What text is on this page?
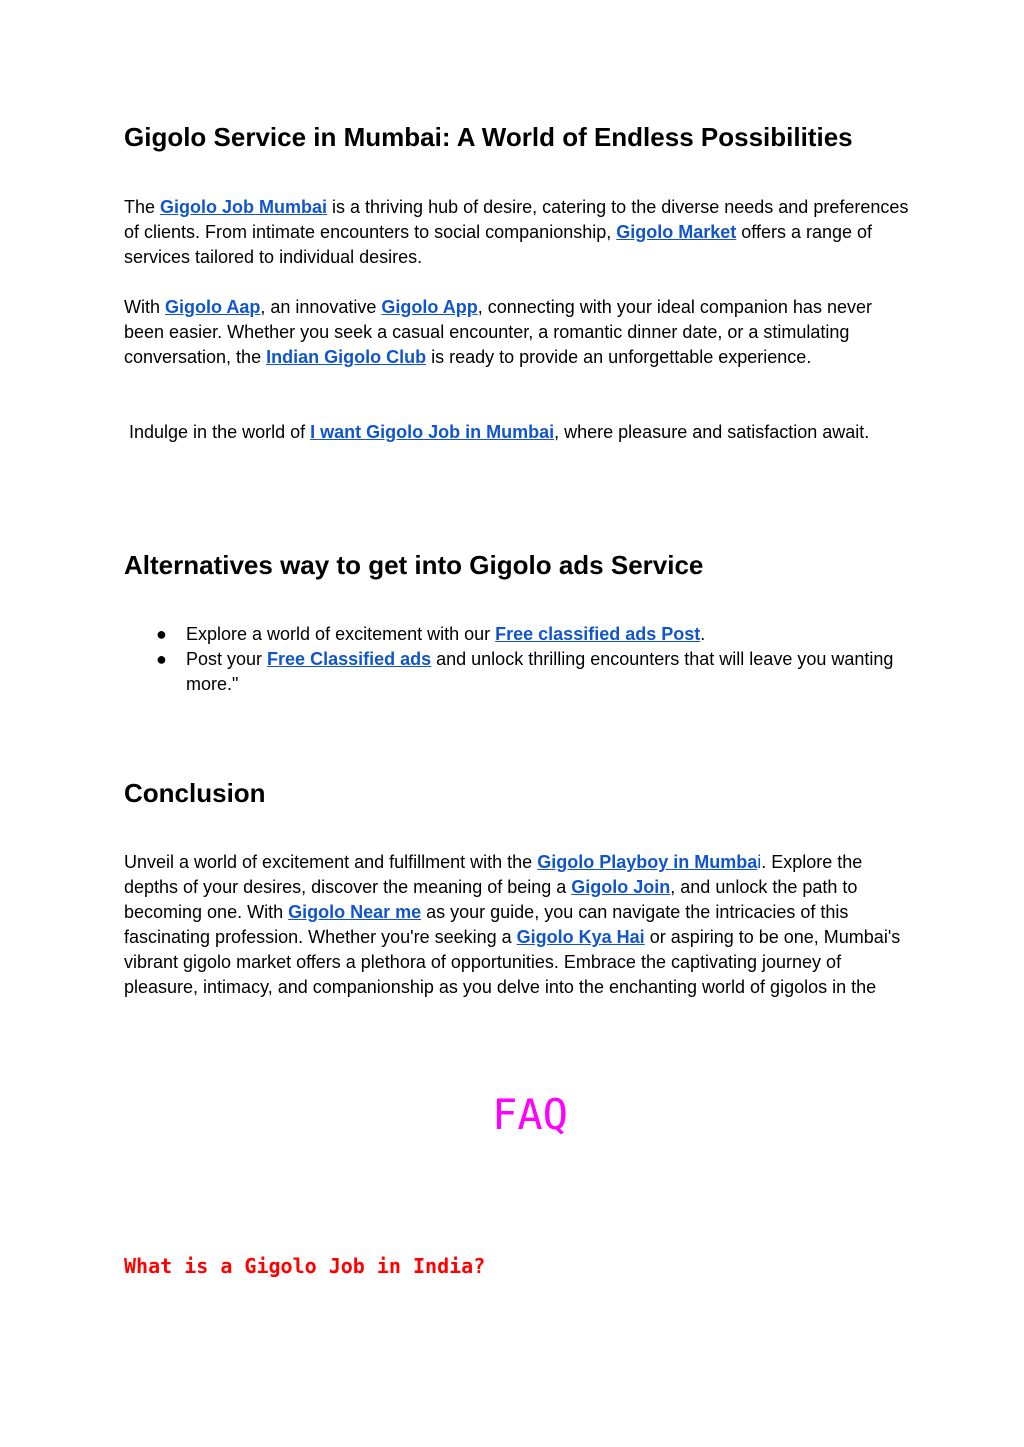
Gigolo Service in Mumbai: A World of Endless Possibilities

The Gigolo Job Mumbai is a thriving hub of desire, catering to the diverse needs and preferences of clients. From intimate encounters to social companionship, Gigolo Market offers a range of services tailored to individual desires.

With Gigolo Aap, an innovative Gigolo App, connecting with your ideal companion has never been easier. Whether you seek a casual encounter, a romantic dinner date, or a stimulating conversation, the Indian Gigolo Club is ready to provide an unforgettable experience.

Indulge in the world of I want Gigolo Job in Mumbai, where pleasure and satisfaction await.

Alternatives way to get into Gigolo ads Service
● Explore a world of excitement with our Free classified ads Post.
● Post your Free Classified ads and unlock thrilling encounters that will leave you wanting more."
Conclusion

Unveil a world of excitement and fulfillment with the Gigolo Playboy in Mumbai. Explore the depths of your desires, discover the meaning of being a Gigolo Join, and unlock the path to becoming one. With Gigolo Near me as your guide, you can navigate the intricacies of this fascinating profession. Whether you're seeking a Gigolo Kya Hai or aspiring to be one, Mumbai's vibrant gigolo market offers a plethora of opportunities. Embrace the captivating journey of pleasure, intimacy, and companionship as you delve into the enchanting world of gigolos in the

FAQ
What is a Gigolo Job in India?
